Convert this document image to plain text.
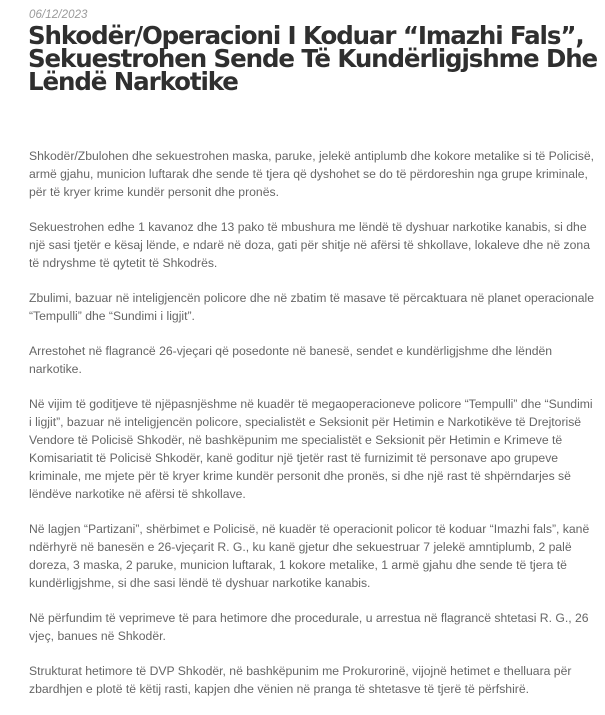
06/12/2023
Shkodër/Operacioni I Koduar “Imazhi Fals”, Sekuestrohen Sende Të Kundërligjshme Dhe Lëndë Narkotike

Shkodër/Zbulohen dhe sekuestrohen maska, paruke, jelekë antiplumb dhe kokore metalike si të Policisë, armë gjahu, municion luftarak dhe sende të tjera që dyshohet se do të përdoreshin nga grupe kriminale, për të kryer krime kundër personit dhe pronës.

Sekuestrohen edhe 1 kavanoz dhe 13 pako të mbushura me lëndë të dyshuar narkotike kanabis, si dhe një sasi tjetër e kësaj lënde, e ndarë në doza, gati për shitje në afërsi të shkollave, lokaleve dhe në zona të ndryshme të qytetit të Shkodrës.

Zbulimi, bazuar në inteligjencën policore dhe në zbatim të masave të përcaktuara në planet operacionale “Tempulli” dhe “Sundimi i ligjit”.

Arrestohet në flagrancë 26-vjeçari që posedonte në banesë, sendet e kundërligjshme dhe lëndën narkotike.

Në vijim të goditjeve të njëpasnjëshme në kuadër të megaoperacioneve policore “Tempulli” dhe “Sundimi i ligjit”, bazuar në inteligjencën policore, specialistët e Seksionit për Hetimin e Narkotikëve të Drejtorisë Vendore të Policisë Shkodër, në bashkëpunim me specialistët e Seksionit për Hetimin e Krimeve të Komisariatit të Policisë Shkodër, kanë goditur një tjetër rast të furnizimit të personave apo grupeve kriminale, me mjete për të kryer krime kundër personit dhe pronës, si dhe një rast të shpërndarjes së lëndëve narkotike në afërsi të shkollave.

Në lagjen “Partizani”, shërbimet e Policisë, në kuadër të operacionit policor të koduar “Imazhi fals”, kanë ndërhyrë në banesën e 26-vjeçarit R. G., ku kanë gjetur dhe sekuestruar 7 jelekë amntiplumb, 2 palë doreza, 3 maska, 2 paruke, municion luftarak, 1 kokore metalike, 1 armë gjahu dhe sende të tjera të kundërligjshme, si dhe sasi lëndë të dyshuar narkotike kanabis.

Në përfundim të veprimeve të para hetimore dhe procedurale, u arrestua në flagrancë shtetasi R. G., 26 vjeç, banues në Shkodër.

Strukturat hetimore të DVP Shkodër, në bashkëpunim me Prokurorinë, vijojnë hetimet e thelluara për zbardhjen e plotë të këtij rasti, kapjen dhe vënien në pranga të shtetasve të tjerë të përfshirë.
